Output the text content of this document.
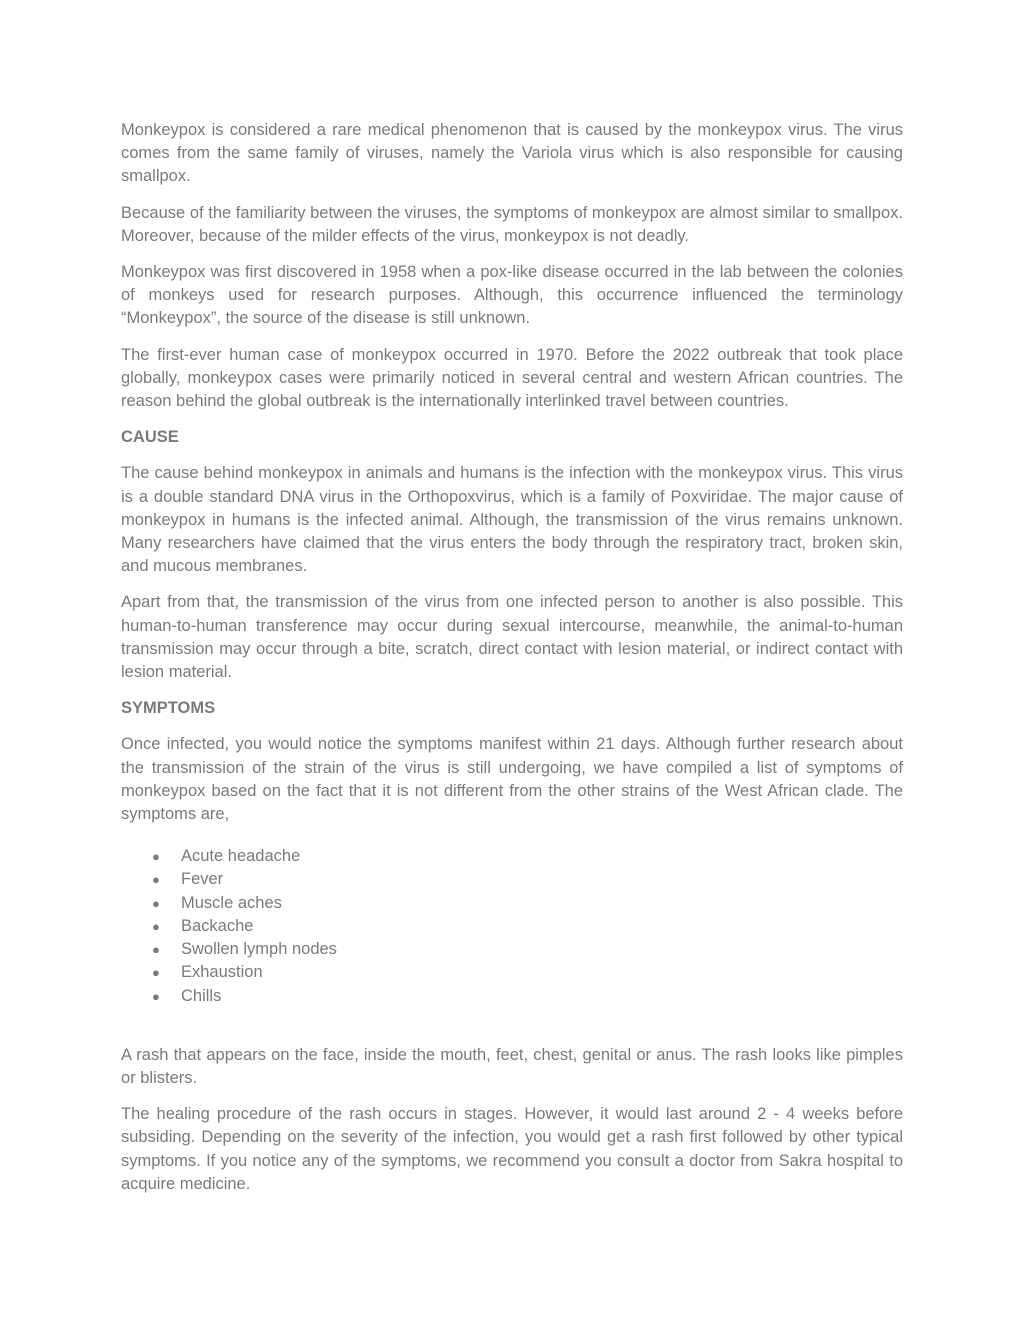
Monkeypox is considered a rare medical phenomenon that is caused by the monkeypox virus. The virus comes from the same family of viruses, namely the Variola virus which is also responsible for causing smallpox.

Because of the familiarity between the viruses, the symptoms of monkeypox are almost similar to smallpox. Moreover, because of the milder effects of the virus, monkeypox is not deadly.

Monkeypox was first discovered in 1958 when a pox-like disease occurred in the lab between the colonies of monkeys used for research purposes. Although, this occurrence influenced the terminology “Monkeypox”, the source of the disease is still unknown.

The first-ever human case of monkeypox occurred in 1970. Before the 2022 outbreak that took place globally, monkeypox cases were primarily noticed in several central and western African countries. The reason behind the global outbreak is the internationally interlinked travel between countries.

CAUSE

The cause behind monkeypox in animals and humans is the infection with the monkeypox virus. This virus is a double standard DNA virus in the Orthopoxvirus, which is a family of Poxviridae. The major cause of monkeypox in humans is the infected animal. Although, the transmission of the virus remains unknown. Many researchers have claimed that the virus enters the body through the respiratory tract, broken skin, and mucous membranes.

Apart from that, the transmission of the virus from one infected person to another is also possible. This human-to-human transference may occur during sexual intercourse, meanwhile, the animal-to-human transmission may occur through a bite, scratch, direct contact with lesion material, or indirect contact with lesion material.

SYMPTOMS

Once infected, you would notice the symptoms manifest within 21 days. Although further research about the transmission of the strain of the virus is still undergoing, we have compiled a list of symptoms of monkeypox based on the fact that it is not different from the other strains of the West African clade. The symptoms are,

● Acute headache
● Fever
● Muscle aches
● Backache
● Swollen lymph nodes
● Exhaustion
● Chills

A rash that appears on the face, inside the mouth, feet, chest, genital or anus. The rash looks like pimples or blisters.

The healing procedure of the rash occurs in stages. However, it would last around 2 - 4 weeks before subsiding. Depending on the severity of the infection, you would get a rash first followed by other typical symptoms. If you notice any of the symptoms, we recommend you consult a doctor from Sakra hospital to acquire medicine.
